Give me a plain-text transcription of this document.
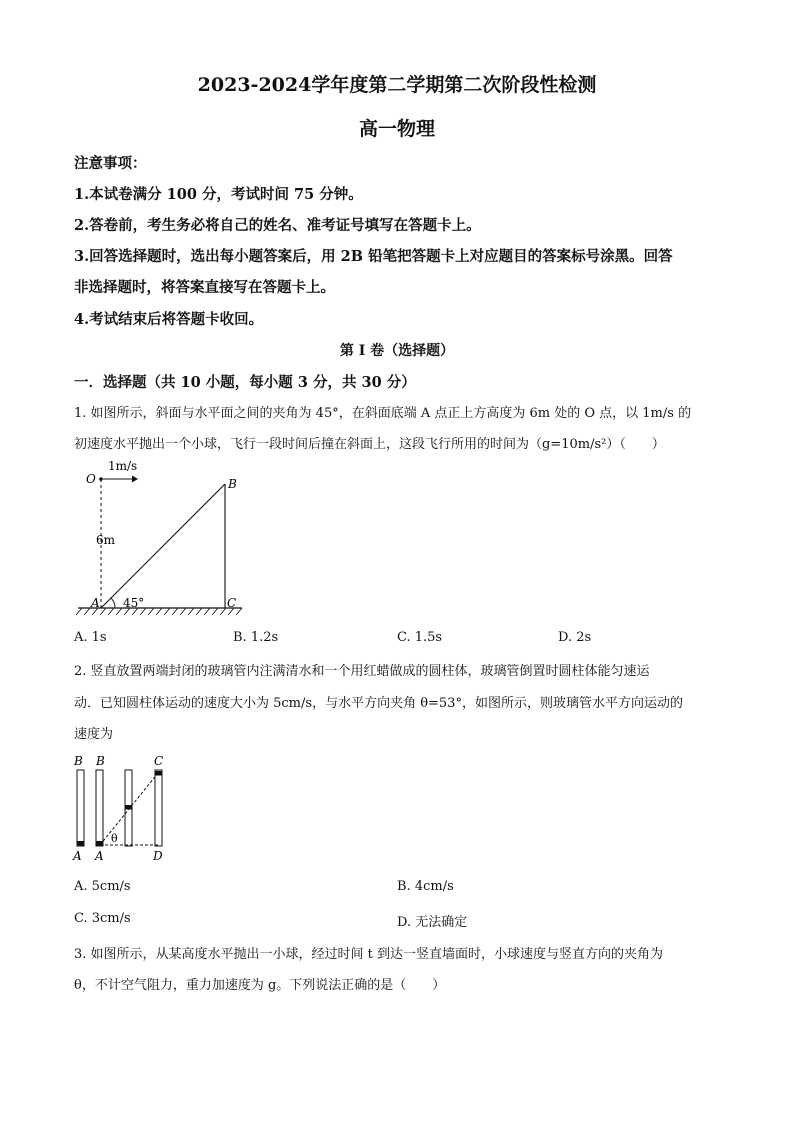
2023-2024学年度第二学期第二次阶段性检测
高一物理
注意事项：
1.本试卷满分 100 分，考试时间 75 分钟。
2.答卷前，考生务必将自己的姓名、准考证号填写在答题卡上。
3.回答选择题时，选出每小题答案后，用 2B 铅笔把答题卡上对应题目的答案标号涂黑。回答
非选择题时，将答案直接写在答题卡上。
4.考试结束后将答题卡收回。
第 I 卷（选择题）
一．选择题（共 10 小题，每小题 3 分，共 30 分）
1. 如图所示，斜面与水平面之间的夹角为 45°，在斜面底端 A 点正上方高度为 6m 处的 O 点，以 1m/s 的
初速度水平抛出一个小球，飞行一段时间后撞在斜面上，这段飞行所用的时间为（g=10m/s²）（　　）
O
1m/s
6m
A
B
C
45°
A. 1s	B. 1.2s	C. 1.5s	D. 2s
2. 竖直放置两端封闭的玻璃管内注满清水和一个用红蜡做成的圆柱体，玻璃管倒置时圆柱体能匀速运
动．已知圆柱体运动的速度大小为 5cm/s，与水平方向夹角 θ=53°，如图所示，则玻璃管水平方向运动的
速度为
B B	C
A A	D
θ
A. 5cm/s	B. 4cm/s
C. 3cm/s	D. 无法确定
3. 如图所示，从某高度水平抛出一小球，经过时间 t 到达一竖直墙面时，小球速度与竖直方向的夹角为
θ，不计空气阻力，重力加速度为 g。下列说法正确的是（　　）
